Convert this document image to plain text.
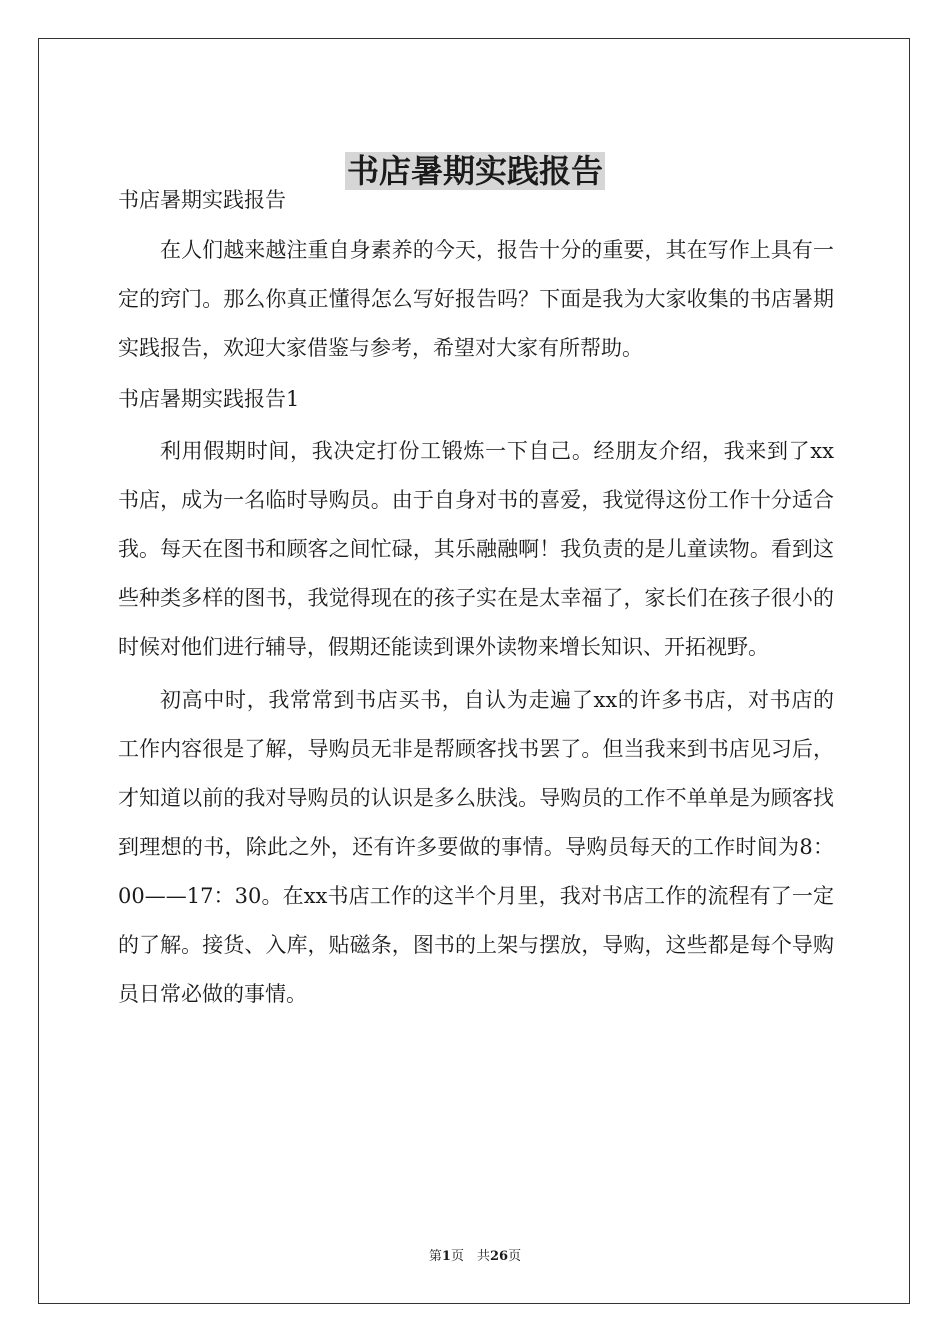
书店暑期实践报告

书店暑期实践报告

在人们越来越注重自身素养的今天，报告十分的重要，其在写作上具有一定的窍门。那么你真正懂得怎么写好报告吗？下面是我为大家收集的书店暑期实践报告，欢迎大家借鉴与参考，希望对大家有所帮助。

书店暑期实践报告1

利用假期时间，我决定打份工锻炼一下自己。经朋友介绍，我来到了xx书店，成为一名临时导购员。由于自身对书的喜爱，我觉得这份工作十分适合我。每天在图书和顾客之间忙碌，其乐融融啊！我负责的是儿童读物。看到这些种类多样的图书，我觉得现在的孩子实在是太幸福了，家长们在孩子很小的时候对他们进行辅导，假期还能读到课外读物来增长知识、开拓视野。

初高中时，我常常到书店买书，自认为走遍了xx的许多书店，对书店的工作内容很是了解，导购员无非是帮顾客找书罢了。但当我来到书店见习后，才知道以前的我对导购员的认识是多么肤浅。导购员的工作不单单是为顾客找到理想的书，除此之外，还有许多要做的事情。导购员每天的工作时间为8：00——17：30。在xx书店工作的这半个月里，我对书店工作的流程有了一定的了解。接货、入库，贴磁条，图书的上架与摆放，导购，这些都是每个导购员日常必做的事情。

第1页　共26页
